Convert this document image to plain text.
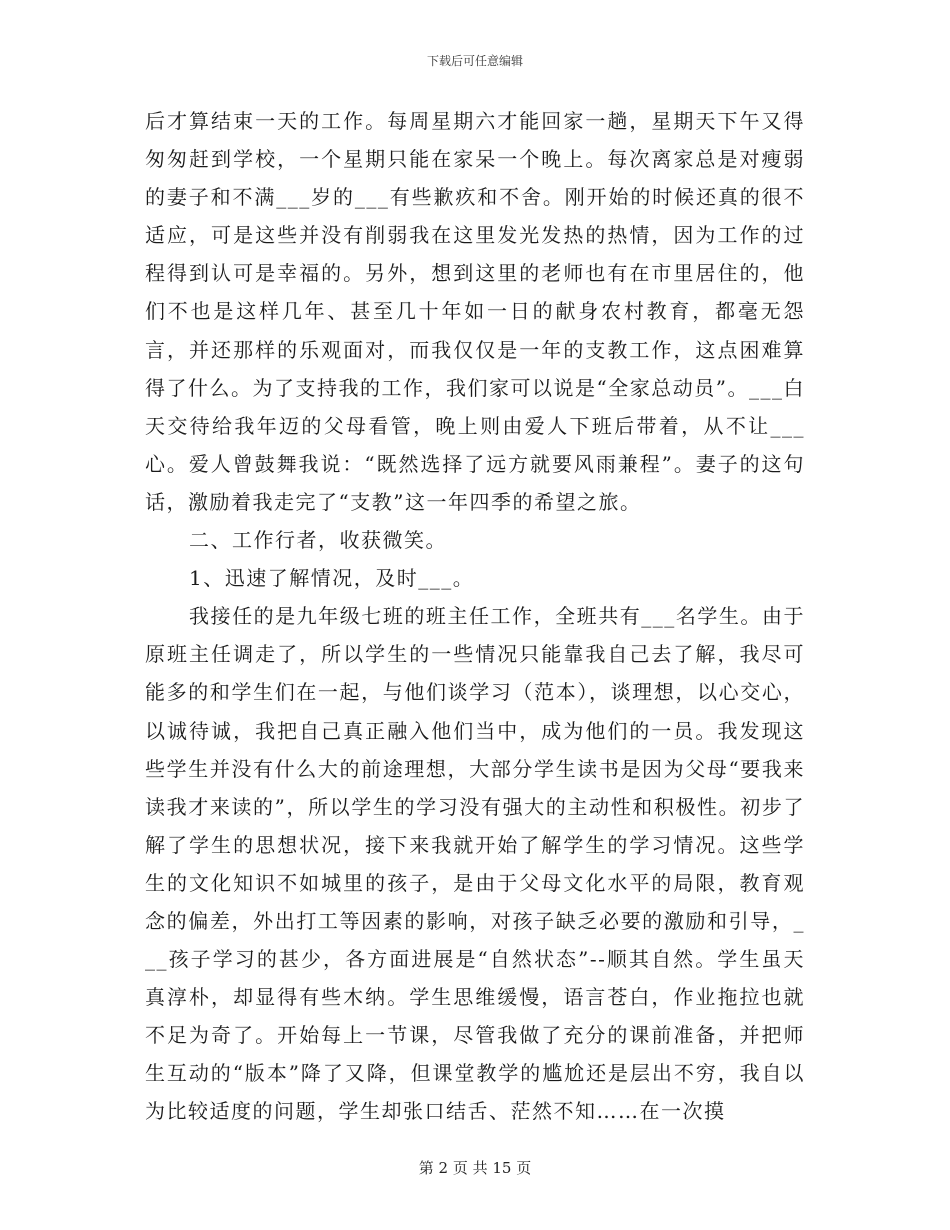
下载后可任意编辑

后才算结束一天的工作。每周星期六才能回家一趟，星期天下午又得匆匆赶到学校，一个星期只能在家呆一个晚上。每次离家总是对瘦弱的妻子和不满___岁的___有些歉疚和不舍。刚开始的时候还真的很不适应，可是这些并没有削弱我在这里发光发热的热情，因为工作的过程得到认可是幸福的。另外，想到这里的老师也有在市里居住的，他们不也是这样几年、甚至几十年如一日的献身农村教育，都毫无怨言，并还那样的乐观面对，而我仅仅是一年的支教工作，这点困难算得了什么。为了支持我的工作，我们家可以说是“全家总动员”。___白天交待给我年迈的父母看管，晚上则由爱人下班后带着，从不让___心。爱人曾鼓舞我说：“既然选择了远方就要风雨兼程”。妻子的这句话，激励着我走完了“支教”这一年四季的希望之旅。

二、工作行者，收获微笑。

1、迅速了解情况，及时___。

我接任的是九年级七班的班主任工作，全班共有___名学生。由于原班主任调走了，所以学生的一些情况只能靠我自己去了解，我尽可能多的和学生们在一起，与他们谈学习（范本），谈理想，以心交心，以诚待诚，我把自己真正融入他们当中，成为他们的一员。我发现这些学生并没有什么大的前途理想，大部分学生读书是因为父母“要我来读我才来读的”，所以学生的学习没有强大的主动性和积极性。初步了解了学生的思想状况，接下来我就开始了解学生的学习情况。这些学生的文化知识不如城里的孩子，是由于父母文化水平的局限，教育观念的偏差，外出打工等因素的影响，对孩子缺乏必要的激励和引导，___孩子学习的甚少，各方面进展是“自然状态”--顺其自然。学生虽天真淳朴，却显得有些木纳。学生思维缓慢，语言苍白，作业拖拉也就不足为奇了。开始每上一节课，尽管我做了充分的课前准备，并把师生互动的“版本”降了又降，但课堂教学的尴尬还是层出不穷，我自以为比较适度的问题，学生却张口结舌、茫然不知……在一次摸

第 2 页 共 15 页
